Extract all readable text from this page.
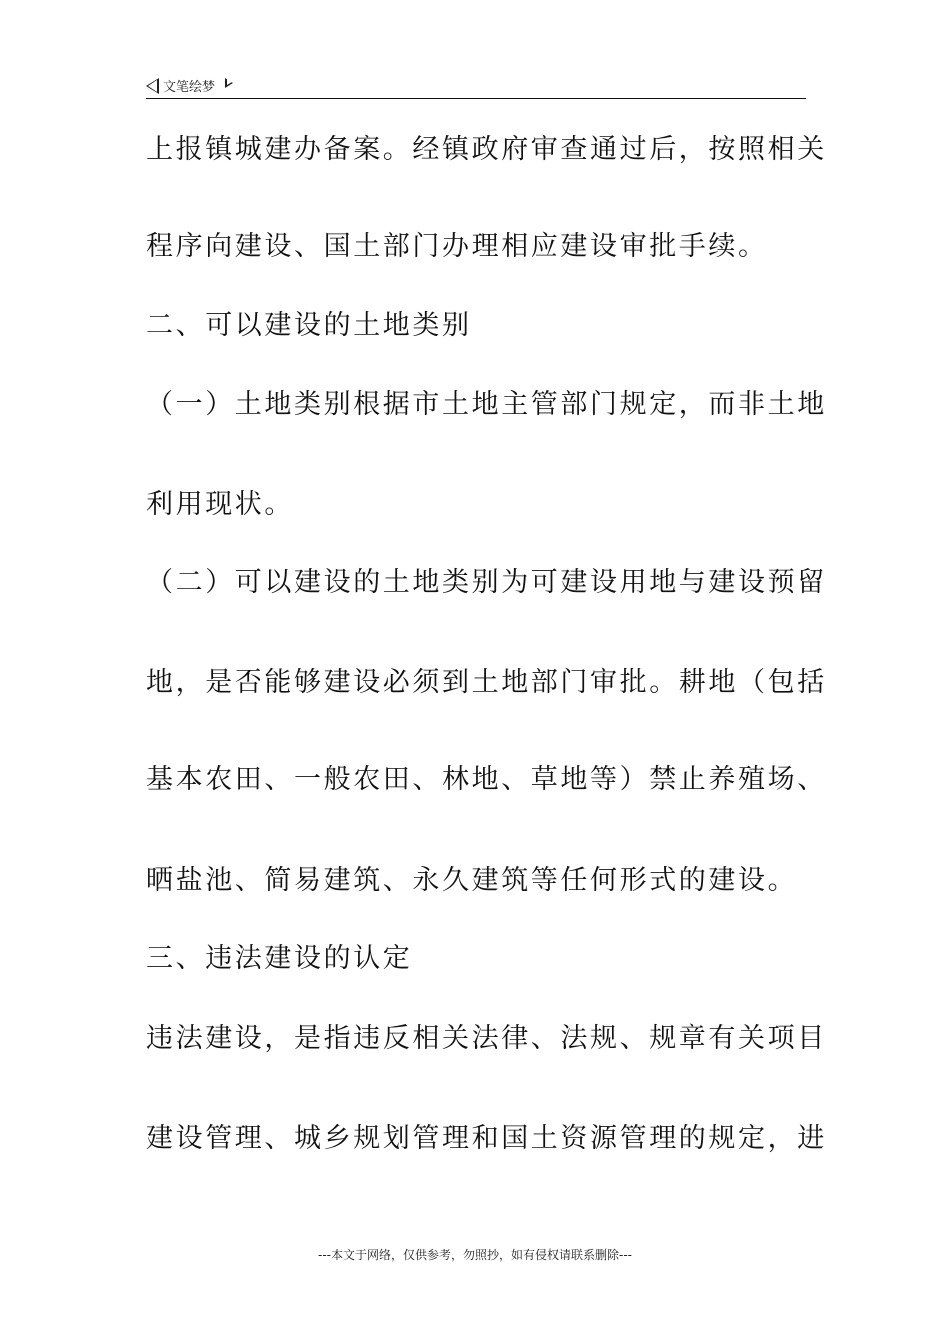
文笔绘梦
上报镇城建办备案。经镇政府审查通过后，按照相关
程序向建设、国土部门办理相应建设审批手续。
二、可以建设的土地类别
（一）土地类别根据市土地主管部门规定，而非土地
利用现状。
（二）可以建设的土地类别为可建设用地与建设预留
地，是否能够建设必须到土地部门审批。耕地（包括
基本农田、一般农田、林地、草地等）禁止养殖场、
晒盐池、简易建筑、永久建筑等任何形式的建设。
三、违法建设的认定
违法建设，是指违反相关法律、法规、规章有关项目
建设管理、城乡规划管理和国土资源管理的规定，进
---本文于网络，仅供参考，勿照抄，如有侵权请联系删除---
